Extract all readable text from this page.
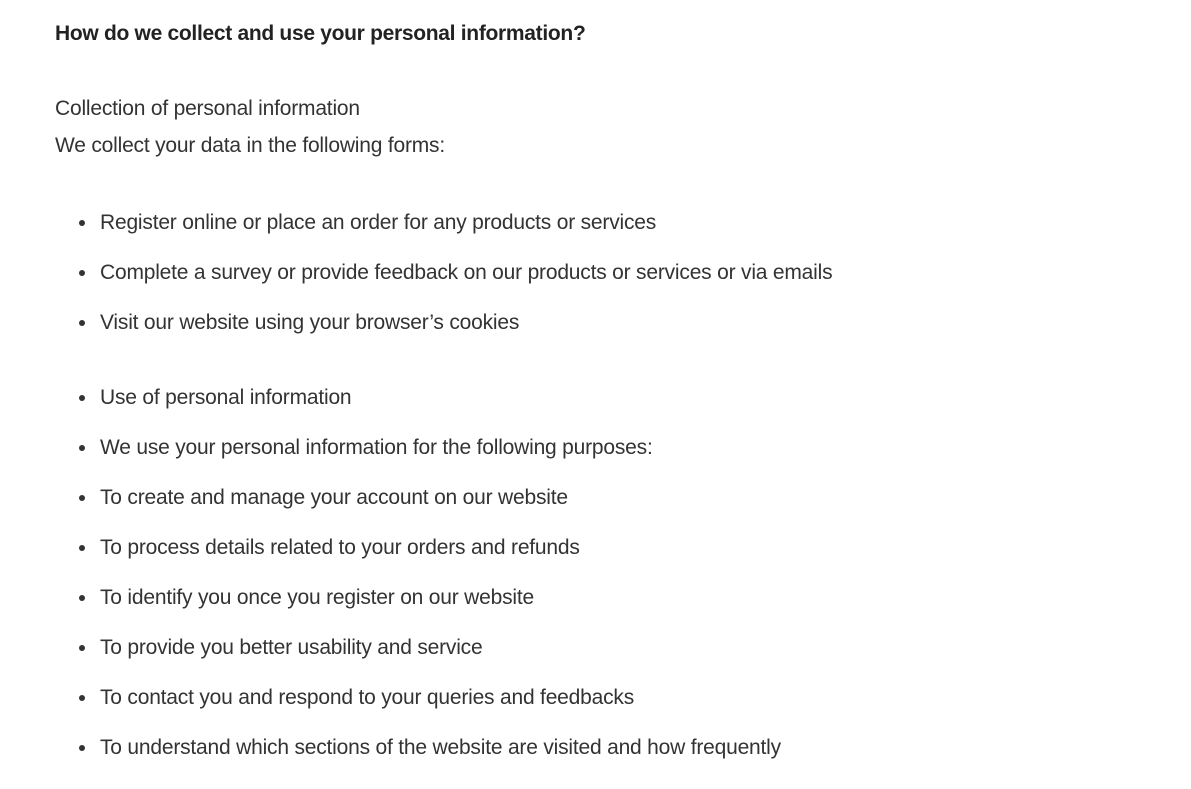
How do we collect and use your personal information?

Collection of personal information

We collect your data in the following forms:

Register online or place an order for any products or services
Complete a survey or provide feedback on our products or services or via emails
Visit our website using your browser’s cookies
Use of personal information
We use your personal information for the following purposes:
To create and manage your account on our website
To process details related to your orders and refunds
To identify you once you register on our website
To provide you better usability and service
To contact you and respond to your queries and feedbacks
To understand which sections of the website are visited and how frequently
